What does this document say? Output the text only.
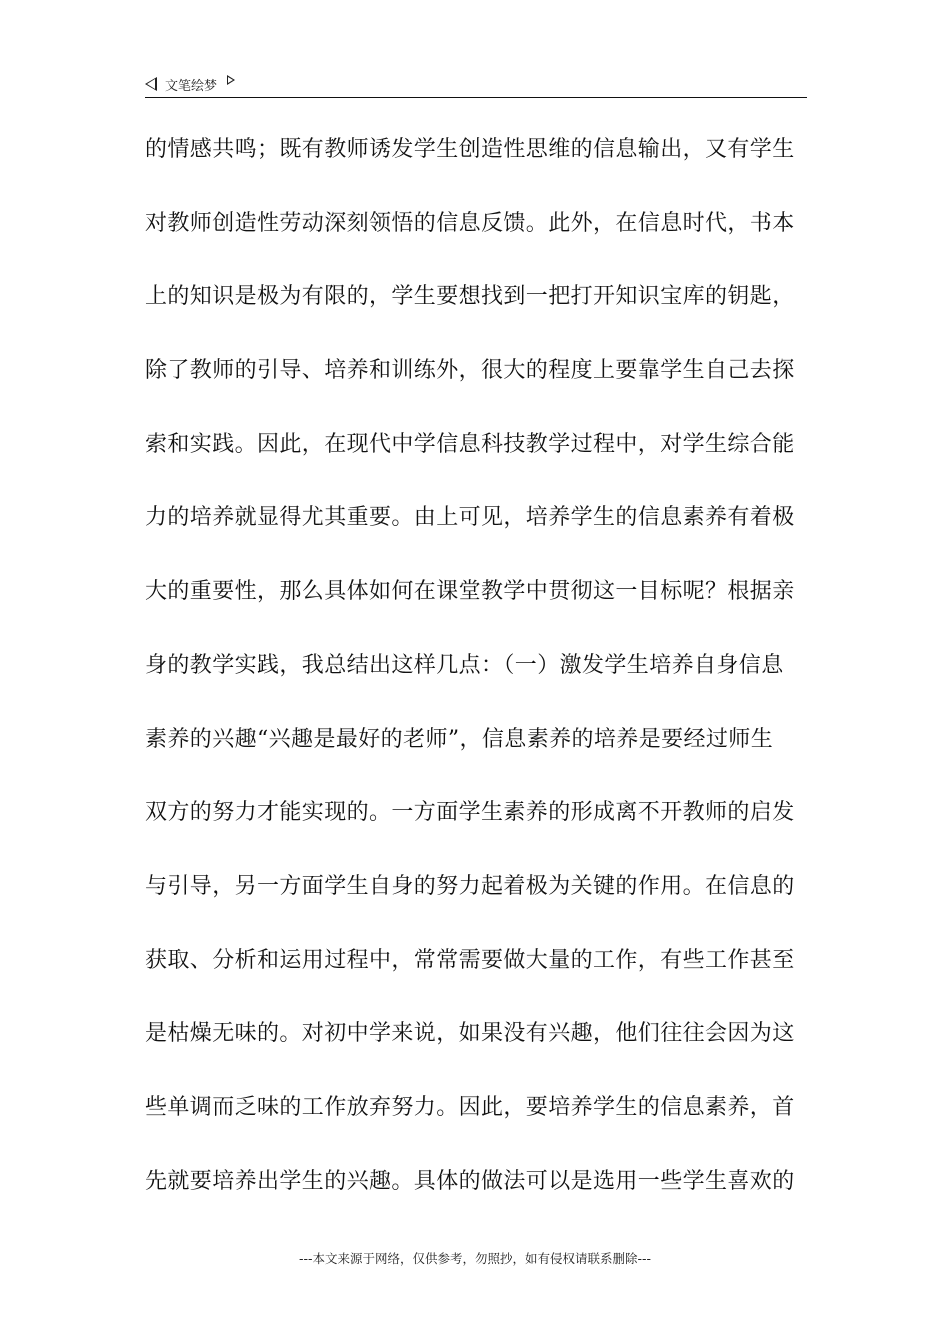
文笔绘梦
的情感共鸣；既有教师诱发学生创造性思维的信息输出，又有学生
对教师创造性劳动深刻领悟的信息反馈。此外，在信息时代，书本
上的知识是极为有限的，学生要想找到一把打开知识宝库的钥匙，
除了教师的引导、培养和训练外，很大的程度上要靠学生自己去探
索和实践。因此，在现代中学信息科技教学过程中，对学生综合能
力的培养就显得尤其重要。由上可见，培养学生的信息素养有着极
大的重要性，那么具体如何在课堂教学中贯彻这一目标呢？根据亲
身的教学实践，我总结出这样几点：（一）激发学生培养自身信息
素养的兴趣“兴趣是最好的老师”，信息素养的培养是要经过师生
双方的努力才能实现的。一方面学生素养的形成离不开教师的启发
与引导，另一方面学生自身的努力起着极为关键的作用。在信息的
获取、分析和运用过程中，常常需要做大量的工作，有些工作甚至
是枯燥无味的。对初中学来说，如果没有兴趣，他们往往会因为这
些单调而乏味的工作放弃努力。因此，要培养学生的信息素养，首
先就要培养出学生的兴趣。具体的做法可以是选用一些学生喜欢的
---本文来源于网络，仅供参考，勿照抄，如有侵权请联系删除---
